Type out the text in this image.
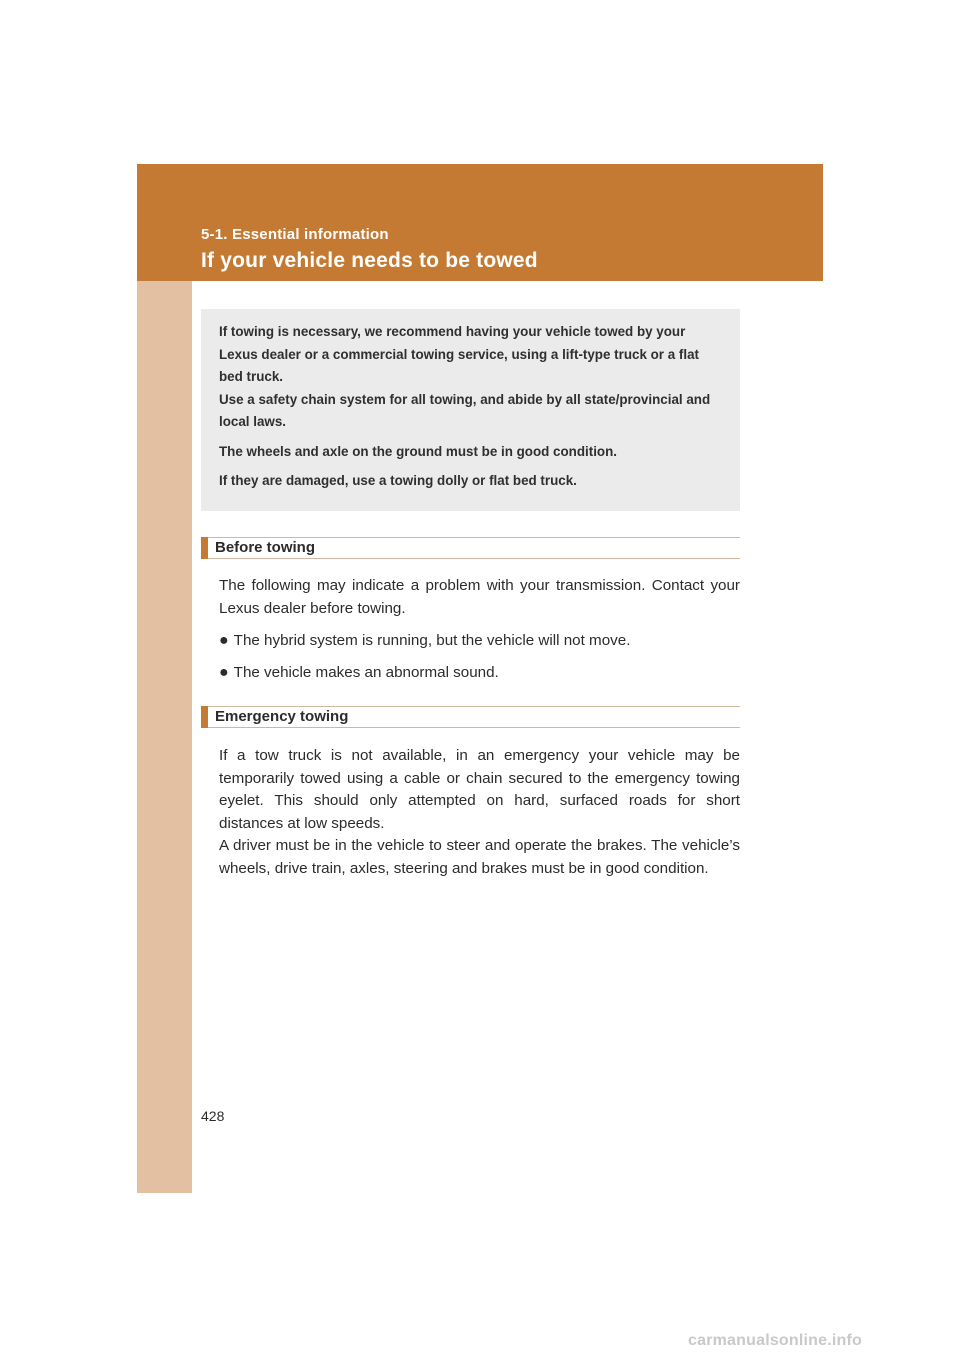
5-1. Essential information
If your vehicle needs to be towed

If towing is necessary, we recommend having your vehicle towed by your Lexus dealer or a commercial towing service, using a lift-type truck or a flat bed truck.

Use a safety chain system for all towing, and abide by all state/provincial and local laws.

The wheels and axle on the ground must be in good condition.

If they are damaged, use a towing dolly or flat bed truck.

Before towing

The following may indicate a problem with your transmission. Contact your Lexus dealer before towing.

● The hybrid system is running, but the vehicle will not move.
● The vehicle makes an abnormal sound.
Emergency towing

If a tow truck is not available, in an emergency your vehicle may be temporarily towed using a cable or chain secured to the emergency towing eyelet. This should only attempted on hard, surfaced roads for short distances at low speeds.

A driver must be in the vehicle to steer and operate the brakes. The vehicle’s wheels, drive train, axles, steering and brakes must be in good condition.

428
carmanualsonline.info
